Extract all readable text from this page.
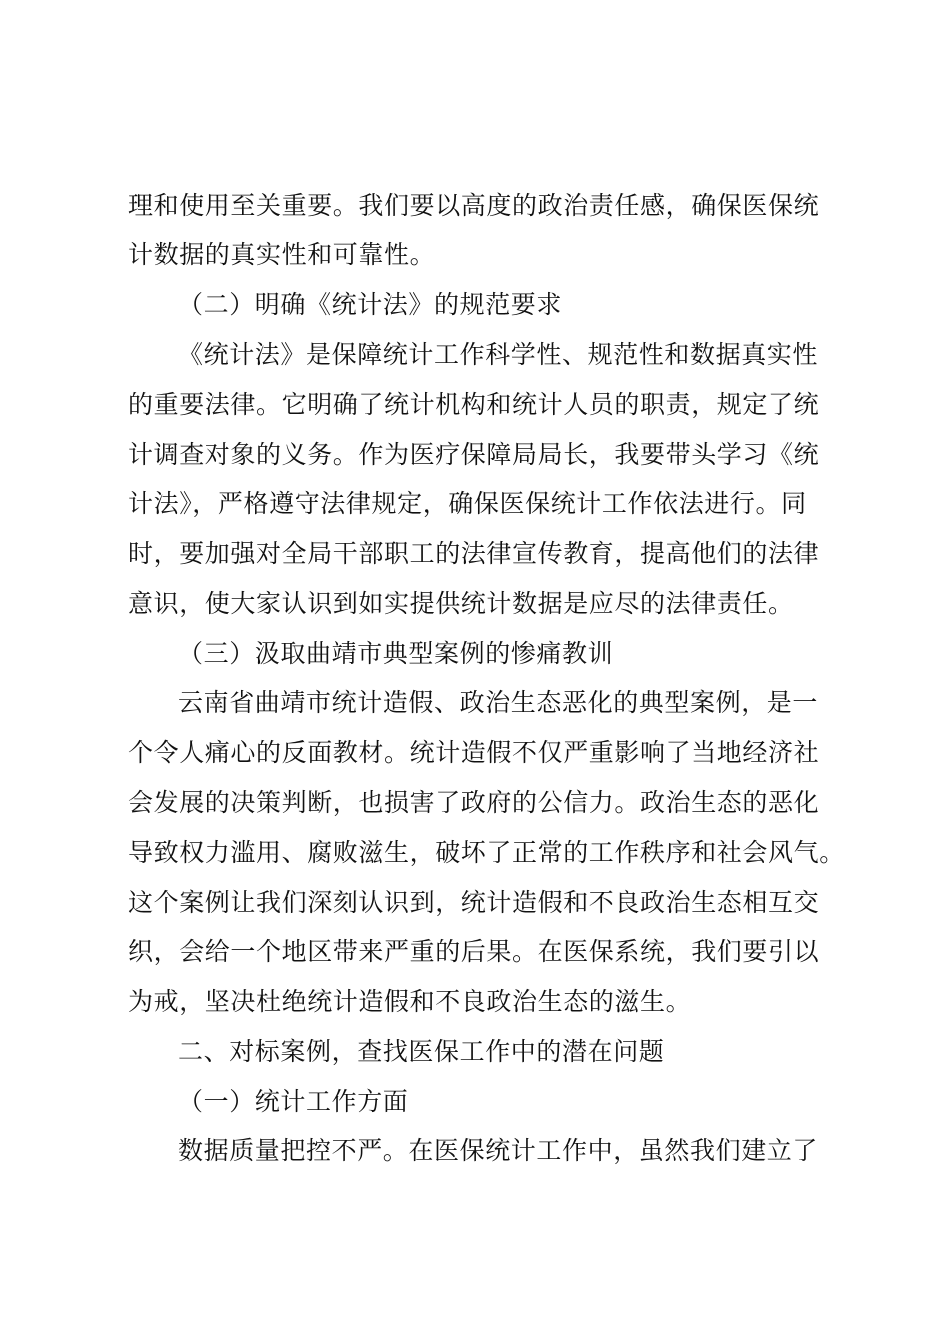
理和使用至关重要。我们要以高度的政治责任感，确保医保统
计数据的真实性和可靠性。
（二）明确《统计法》的规范要求
《统计法》是保障统计工作科学性、规范性和数据真实性
的重要法律。它明确了统计机构和统计人员的职责，规定了统
计调查对象的义务。作为医疗保障局局长，我要带头学习《统
计法》，严格遵守法律规定，确保医保统计工作依法进行。同
时，要加强对全局干部职工的法律宣传教育，提高他们的法律
意识，使大家认识到如实提供统计数据是应尽的法律责任。
（三）汲取曲靖市典型案例的惨痛教训
云南省曲靖市统计造假、政治生态恶化的典型案例，是一
个令人痛心的反面教材。统计造假不仅严重影响了当地经济社
会发展的决策判断，也损害了政府的公信力。政治生态的恶化
导致权力滥用、腐败滋生，破坏了正常的工作秩序和社会风气。
这个案例让我们深刻认识到，统计造假和不良政治生态相互交
织，会给一个地区带来严重的后果。在医保系统，我们要引以
为戒，坚决杜绝统计造假和不良政治生态的滋生。
二、对标案例，查找医保工作中的潜在问题
（一）统计工作方面
数据质量把控不严。在医保统计工作中，虽然我们建立了
